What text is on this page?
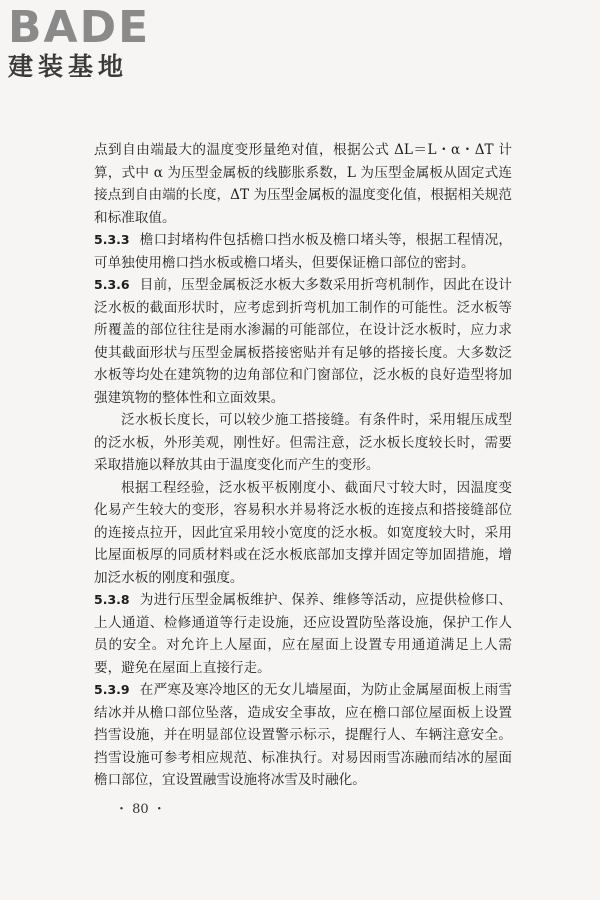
BADE
建装基地

点到自由端最大的温度变形量绝对值，根据公式 ΔL＝L・α・ΔT 计算，式中 α 为压型金属板的线膨胀系数，L 为压型金属板从固定式连接点到自由端的长度，ΔT 为压型金属板的温度变化值，根据相关规范和标准取值。

5.3.3 檐口封堵构件包括檐口挡水板及檐口堵头等，根据工程情况，可单独使用檐口挡水板或檐口堵头，但要保证檐口部位的密封。

5.3.6 目前，压型金属板泛水板大多数采用折弯机制作，因此在设计泛水板的截面形状时，应考虑到折弯机加工制作的可能性。泛水板等所覆盖的部位往往是雨水渗漏的可能部位，在设计泛水板时，应力求使其截面形状与压型金属板搭接密贴并有足够的搭接长度。大多数泛水板等均处在建筑物的边角部位和门窗部位，泛水板的良好造型将加强建筑物的整体性和立面效果。

泛水板长度长，可以较少施工搭接缝。有条件时，采用辊压成型的泛水板，外形美观，刚性好。但需注意，泛水板长度较长时，需要采取措施以释放其由于温度变化而产生的变形。

根据工程经验，泛水板平板刚度小、截面尺寸较大时，因温度变化易产生较大的变形，容易积水并易将泛水板的连接点和搭接缝部位的连接点拉开，因此宜采用较小宽度的泛水板。如宽度较大时，采用比屋面板厚的同质材料或在泛水板底部加支撑并固定等加固措施，增加泛水板的刚度和强度。

5.3.8 为进行压型金属板维护、保养、维修等活动，应提供检修口、上人通道、检修通道等行走设施，还应设置防坠落设施，保护工作人员的安全。对允许上人屋面，应在屋面上设置专用通道满足上人需要，避免在屋面上直接行走。

5.3.9 在严寒及寒冷地区的无女儿墙屋面，为防止金属屋面板上雨雪结冰并从檐口部位坠落，造成安全事故，应在檐口部位屋面板上设置挡雪设施，并在明显部位设置警示标示，提醒行人、车辆注意安全。挡雪设施可参考相应规范、标准执行。对易因雨雪冻融而结冰的屋面檐口部位，宜设置融雪设施将冰雪及时融化。

・ 80 ・
